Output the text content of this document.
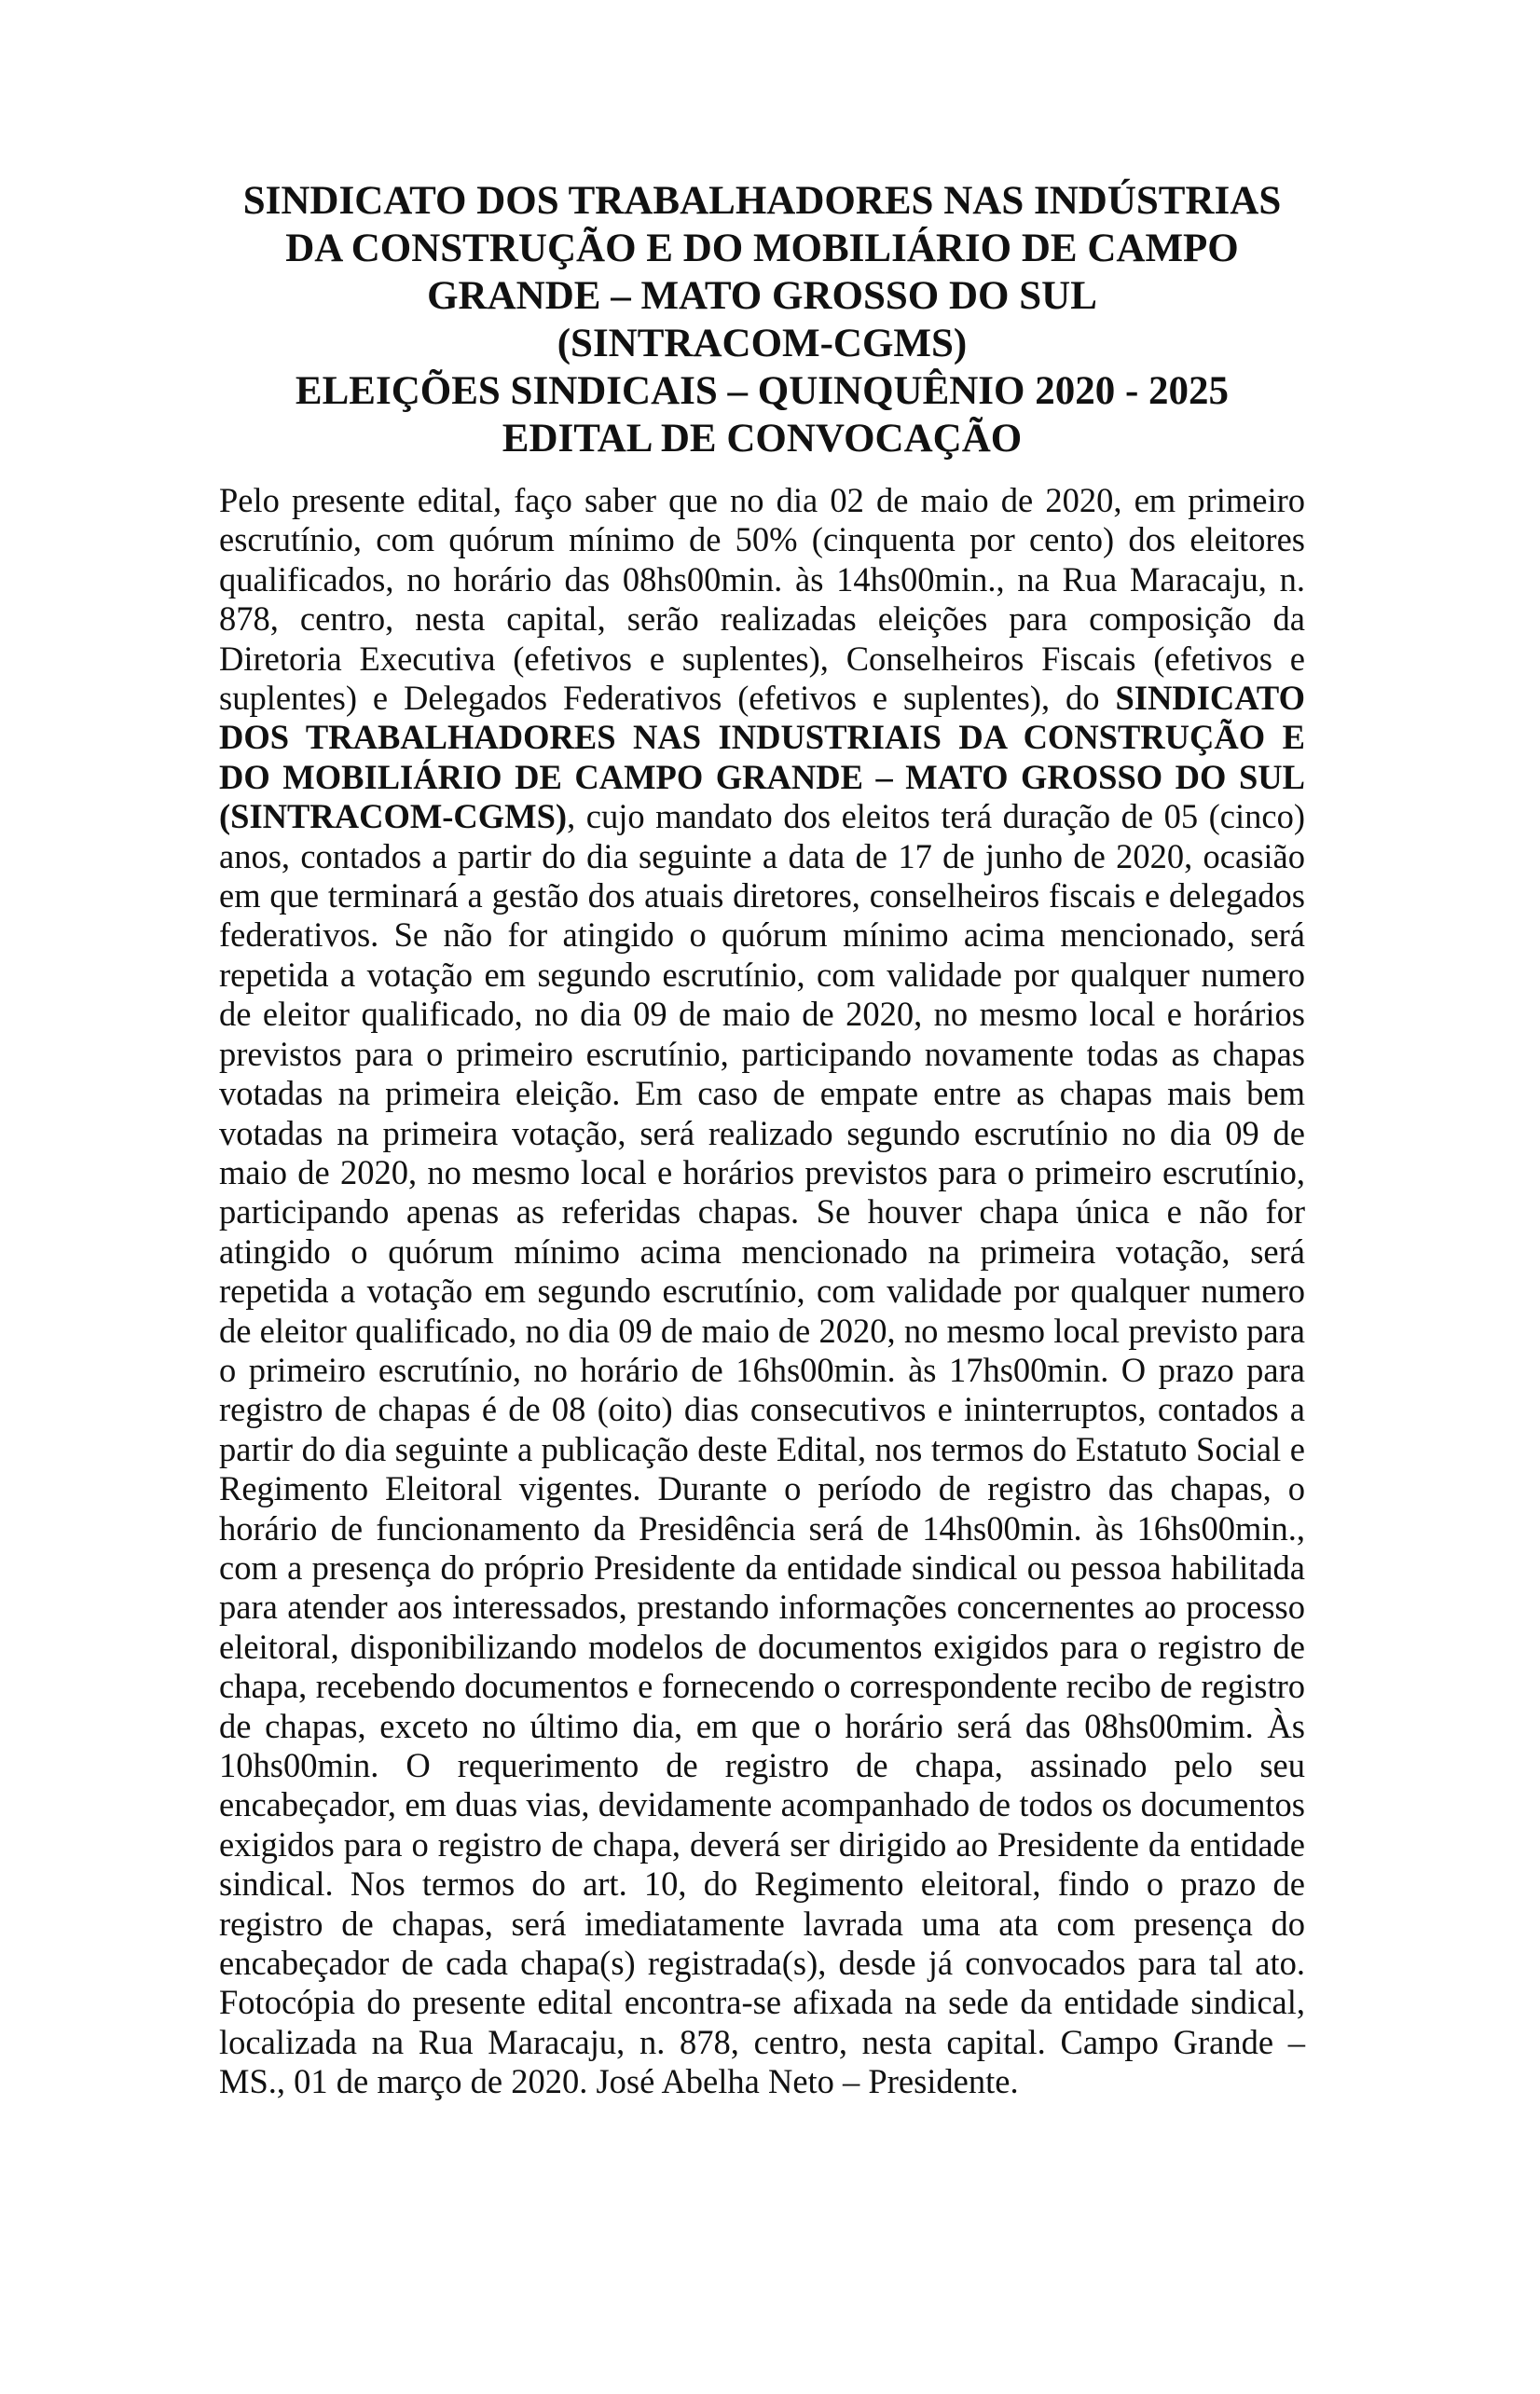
SINDICATO DOS TRABALHADORES NAS INDÚSTRIAS
DA CONSTRUÇÃO E DO MOBILIÁRIO DE CAMPO
GRANDE – MATO GROSSO DO SUL
(SINTRACOM-CGMS)
ELEIÇÕES SINDICAIS – QUINQUÊNIO 2020 - 2025
EDITAL DE CONVOCAÇÃO

Pelo presente edital, faço saber que no dia 02 de maio de 2020, em primeiro escrutínio, com quórum mínimo de 50% (cinquenta por cento) dos eleitores qualificados, no horário das 08hs00min. às 14hs00min., na Rua Maracaju, n. 878, centro, nesta capital, serão realizadas eleições para composição da Diretoria Executiva (efetivos e suplentes), Conselheiros Fiscais (efetivos e suplentes) e Delegados Federativos (efetivos e suplentes), do SINDICATO DOS TRABALHADORES NAS INDUSTRIAIS DA CONSTRUÇÃO E DO MOBILIÁRIO DE CAMPO GRANDE – MATO GROSSO DO SUL (SINTRACOM-CGMS), cujo mandato dos eleitos terá duração de 05 (cinco) anos, contados a partir do dia seguinte a data de 17 de junho de 2020, ocasião em que terminará a gestão dos atuais diretores, conselheiros fiscais e delegados federativos. Se não for atingido o quórum mínimo acima mencionado, será repetida a votação em segundo escrutínio, com validade por qualquer numero de eleitor qualificado, no dia 09 de maio de 2020, no mesmo local e horários previstos para o primeiro escrutínio, participando novamente todas as chapas votadas na primeira eleição. Em caso de empate entre as chapas mais bem votadas na primeira votação, será realizado segundo escrutínio no dia 09 de maio de 2020, no mesmo local e horários previstos para o primeiro escrutínio, participando apenas as referidas chapas. Se houver chapa única e não for atingido o quórum mínimo acima mencionado na primeira votação, será repetida a votação em segundo escrutínio, com validade por qualquer numero de eleitor qualificado, no dia 09 de maio de 2020, no mesmo local previsto para o primeiro escrutínio, no horário de 16hs00min. às 17hs00min. O prazo para registro de chapas é de 08 (oito) dias consecutivos e ininterruptos, contados a partir do dia seguinte a publicação deste Edital, nos termos do Estatuto Social e Regimento Eleitoral vigentes. Durante o período de registro das chapas, o horário de funcionamento da Presidência será de 14hs00min. às 16hs00min., com a presença do próprio Presidente da entidade sindical ou pessoa habilitada para atender aos interessados, prestando informações concernentes ao processo eleitoral, disponibilizando modelos de documentos exigidos para o registro de chapa, recebendo documentos e fornecendo o correspondente recibo de registro de chapas, exceto no último dia, em que o horário será das 08hs00mim. Às 10hs00min. O requerimento de registro de chapa, assinado pelo seu encabeçador, em duas vias, devidamente acompanhado de todos os documentos exigidos para o registro de chapa, deverá ser dirigido ao Presidente da entidade sindical. Nos termos do art. 10, do Regimento eleitoral, findo o prazo de registro de chapas, será imediatamente lavrada uma ata com presença do encabeçador de cada chapa(s) registrada(s), desde já convocados para tal ato. Fotocópia do presente edital encontra-se afixada na sede da entidade sindical, localizada na Rua Maracaju, n. 878, centro, nesta capital. Campo Grande – MS., 01 de março de 2020. José Abelha Neto – Presidente.
